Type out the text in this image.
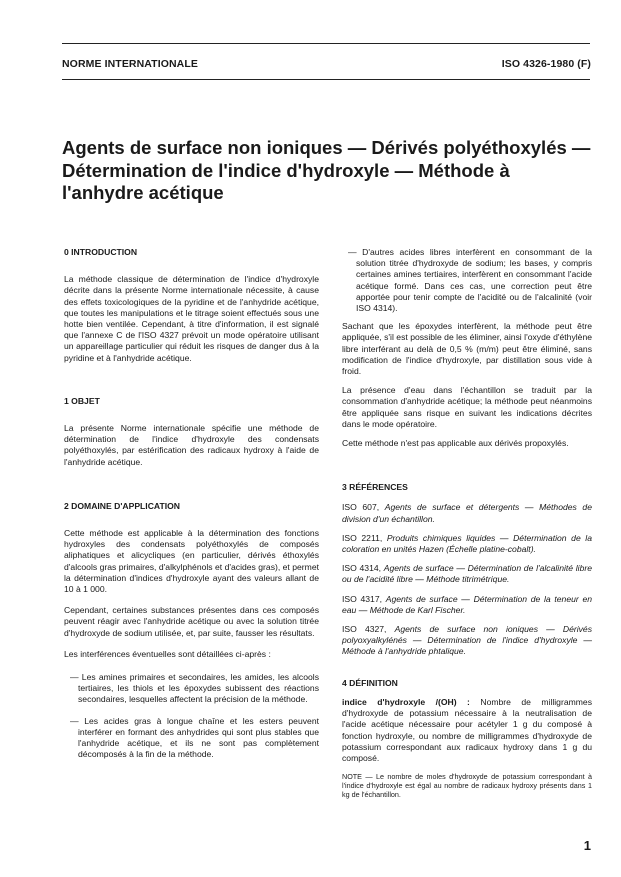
NORME INTERNATIONALE	ISO 4326-1980 (F)
Agents de surface non ioniques — Dérivés polyéthoxylés — Détermination de l'indice d'hydroxyle — Méthode à l'anhydre acétique

0 INTRODUCTION

La méthode classique de détermination de l'indice d'hydroxyle décrite dans la présente Norme internationale nécessite, à cause des effets toxicologiques de la pyridine et de l'anhydride acétique, que toutes les manipulations et le titrage soient effectués sous une hotte bien ventilée. Cependant, à titre d'information, il est signalé que l'annexe C de l'ISO 4327 prévoit un mode opératoire utilisant un appareillage particulier qui réduit les risques de danger dus à la pyridine et à l'anhydride acétique.

1 OBJET

La présente Norme internationale spécifie une méthode de détermination de l'indice d'hydroxyle des condensats polyéthoxylés, par estérification des radicaux hydroxy à l'aide de l'anhydride acétique.

2 DOMAINE D'APPLICATION

Cette méthode est applicable à la détermination des fonctions hydroxyles des condensats polyéthoxylés de composés aliphatiques et alicycliques (en particulier, dérivés éthoxylés d'alcools gras primaires, d'alkylphénols et d'acides gras), et permet la détermination d'indices d'hydroxyle ayant des valeurs allant de 10 à 1 000.

Cependant, certaines substances présentes dans ces composés peuvent réagir avec l'anhydride acétique ou avec la solution titrée d'hydroxyde de sodium utilisée, et, par suite, fausser les résultats.

Les interférences éventuelles sont détaillées ci-après :

— Les amines primaires et secondaires, les amides, les alcools tertiaires, les thiols et les époxydes subissent des réactions secondaires, lesquelles affectent la précision de la méthode.

— Les acides gras à longue chaîne et les esters peuvent interférer en formant des anhydrides qui sont plus stables que l'anhydride acétique, et ils ne sont pas complètement décomposés à la fin de la méthode.

— D'autres acides libres interfèrent en consommant de la solution titrée d'hydroxyde de sodium; les bases, y compris certaines amines tertiaires, interfèrent en consommant l'acide acétique formé. Dans ces cas, une correction peut être apportée pour tenir compte de l'acidité ou de l'alcalinité (voir ISO 4314).

Sachant que les époxydes interfèrent, la méthode peut être appliquée, s'il est possible de les éliminer, ainsi l'oxyde d'éthylène libre interférant au delà de 0,5 % (m/m) peut être éliminé, sans modification de l'indice d'hydroxyle, par distillation sous vide à froid.

La présence d'eau dans l'échantillon se traduit par la consommation d'anhydride acétique; la méthode peut néanmoins être appliquée sans risque en suivant les indications décrites dans le mode opératoire.

Cette méthode n'est pas applicable aux dérivés propoxylés.

3 RÉFÉRENCES

ISO 607, Agents de surface et détergents — Méthodes de division d'un échantillon.

ISO 2211, Produits chimiques liquides — Détermination de la coloration en unités Hazen (Échelle platine-cobalt).

ISO 4314, Agents de surface — Détermination de l'alcalinité libre ou de l'acidité libre — Méthode titrimétrique.

ISO 4317, Agents de surface — Détermination de la teneur en eau — Méthode de Karl Fischer.

ISO 4327, Agents de surface non ioniques — Dérivés polyoxyalkylénés — Détermination de l'indice d'hydroxyle — Méthode à l'anhydride phtalique.

4 DÉFINITION

indice d'hydroxyle /(OH) : Nombre de milligrammes d'hydroxyde de potassium nécessaire à la neutralisation de l'acide acétique nécessaire pour acétyler 1 g du composé à fonction hydroxyle, ou nombre de milligrammes d'hydroxyde de potassium correspondant aux radicaux hydroxy dans 1 g du composé.

NOTE — Le nombre de moles d'hydroxyde de potassium correspondant à l'indice d'hydroxyle est égal au nombre de radicaux hydroxy présents dans 1 kg de l'échantillon.

1
